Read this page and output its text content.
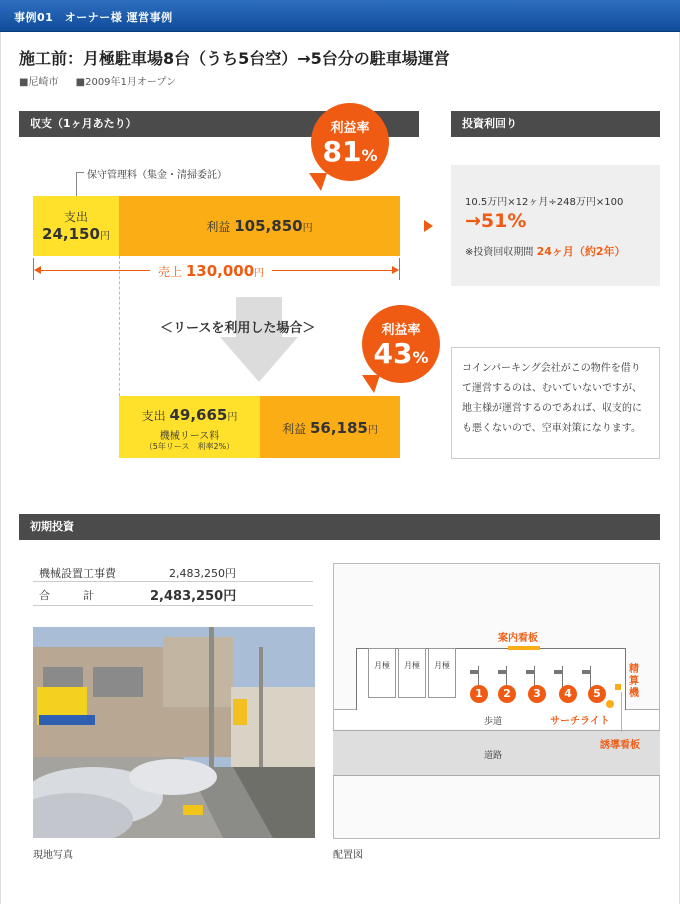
事例01　オーナー様 運営事例
施工前：月極駐車場8台（うち5台空）→5台分の駐車場運営
■尼崎市 ■2009年1月オープン
収支（1ヶ月あたり）	投資利回り
保守管理料（集金・清掃委託）
支出
24,150円
利益 105,850円
利益率
81%
売上 130,000円
＜リースを利用した場合＞	利益率
43%
支出 49,665円
機械リース料
（5年リース　利率2%）
利益 56,185円
10.5万円×12ヶ月÷248万円×100
→51%
※投資回収期間 24ヶ月（約2年）
コインパーキング会社がこの物件を借りて運営するのは、むいていないですが、地主様が運営するのであれば、収支的にも悪くないので、空車対策になります。
初期投資
機械設置工事費	2,483,250円
合　　　計	2,483,250円
現地写真
歩道
道路
月極	月極	月極
案内看板
1	2	3	4	5
精算機
サーチライト
誘導看板
配置図
